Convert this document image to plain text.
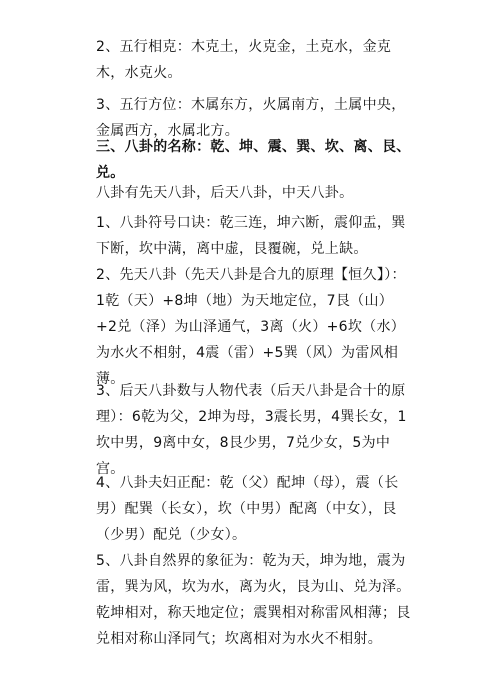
2、五行相克：木克土，火克金，土克水，金克木，水克火。

3、五行方位：木属东方，火属南方，土属中央，金属西方，水属北方。

三、八卦的名称：乾、坤、震、巽、坎、离、艮、兑。

八卦有先天八卦，后天八卦，中天八卦。

1、八卦符号口诀：乾三连，坤六断，震仰盂，巽下断，坎中满，离中虚，艮覆碗，兑上缺。

2、先天八卦（先天八卦是合九的原理【恒久】）：1乾（天）+8坤（地）为天地定位，7艮（山）+2兑（泽）为山泽通气，3离（火）+6坎（水）为水火不相射，4震（雷）+5巽（风）为雷风相薄。

3、后天八卦数与人物代表（后天八卦是合十的原理）：6乾为父，2坤为母，3震长男，4巽长女，1坎中男，9离中女，8艮少男，7兑少女，5为中宫。

4、八卦夫妇正配：乾（父）配坤（母），震（长男）配巽（长女），坎（中男）配离（中女），艮（少男）配兑（少女）。

5、八卦自然界的象征为：乾为天，坤为地，震为雷，巽为风，坎为水，离为火，艮为山、兑为泽。乾坤相对，称天地定位；震巽相对称雷风相薄；艮兑相对称山泽同气；坎离相对为水火不相射。
